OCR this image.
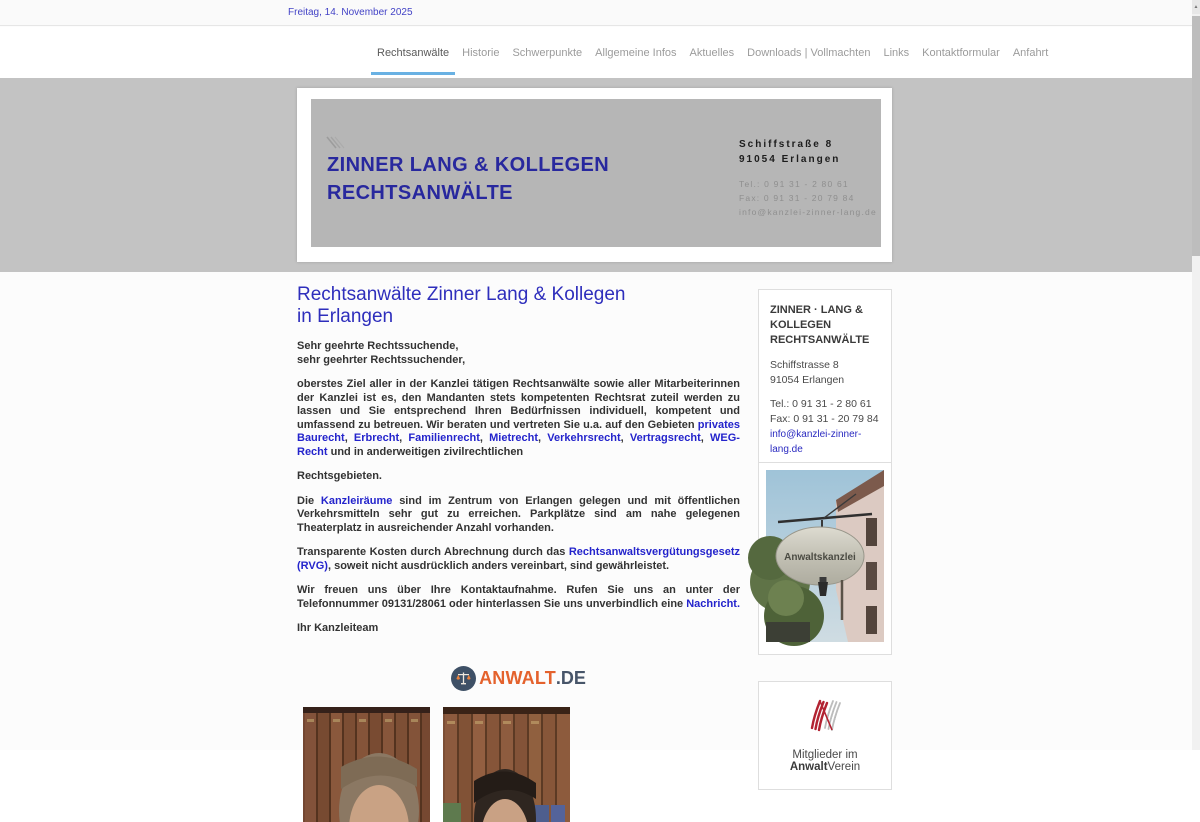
Freitag, 14. November 2025
Rechtsanwälte	Historie	Schwerpunkte	Allgemeine Infos	Aktuelles	Downloads | Vollmachten	Links	Kontaktformular	Anfahrt
ZINNER LANG & KOLLEGEN
RECHTSANWÄLTE
Schiffstraße 8
91054 Erlangen
Tel.: 0 91 31 - 2 80 61
Fax: 0 91 31 - 20 79 84
info@kanzlei-zinner-lang.de
Rechtsanwälte Zinner Lang & Kollegen
in Erlangen

Sehr geehrte Rechtssuchende,
sehr geehrter Rechtssuchender,

oberstes Ziel aller in der Kanzlei tätigen Rechtsanwälte sowie aller Mitarbeiterinnen der Kanzlei ist es, den Mandanten stets kompetenten Rechtsrat zuteil werden zu lassen und Sie entsprechend Ihren Bedürfnissen individuell, kompetent und umfassend zu betreuen. Wir beraten und vertreten Sie u.a. auf den Gebieten privates Baurecht, Erbrecht, Familienrecht, Mietrecht, Verkehrsrecht, Vertragsrecht, WEG-Recht und in anderweitigen zivilrechtlichen

Rechtsgebieten.

Die Kanzleiräume sind im Zentrum von Erlangen gelegen und mit öffentlichen Verkehrsmitteln sehr gut zu erreichen. Parkplätze sind am nahe gelegenen Theaterplatz in ausreichender Anzahl vorhanden.

Transparente Kosten durch Abrechnung durch das Rechtsanwaltsvergütungsgesetz (RVG), soweit nicht ausdrücklich anders vereinbart, sind gewährleistet.

Wir freuen uns über Ihre Kontaktaufnahme. Rufen Sie uns an unter der Telefonnummer 09131/28061 oder hinterlassen Sie uns unverbindlich eine Nachricht.

Ihr Kanzleiteam

ANWALT .DE
ZINNER · LANG & KOLLEGEN RECHTSANWÄLTE
Schiffstrasse 8
91054 Erlangen
Tel.: 0 91 31 - 2 80 61
Fax: 0 91 31 - 20 79 84
info@kanzlei-zinner-lang.de
Anwaltskanzlei
Mitglieder im AnwaltVerein
▲
